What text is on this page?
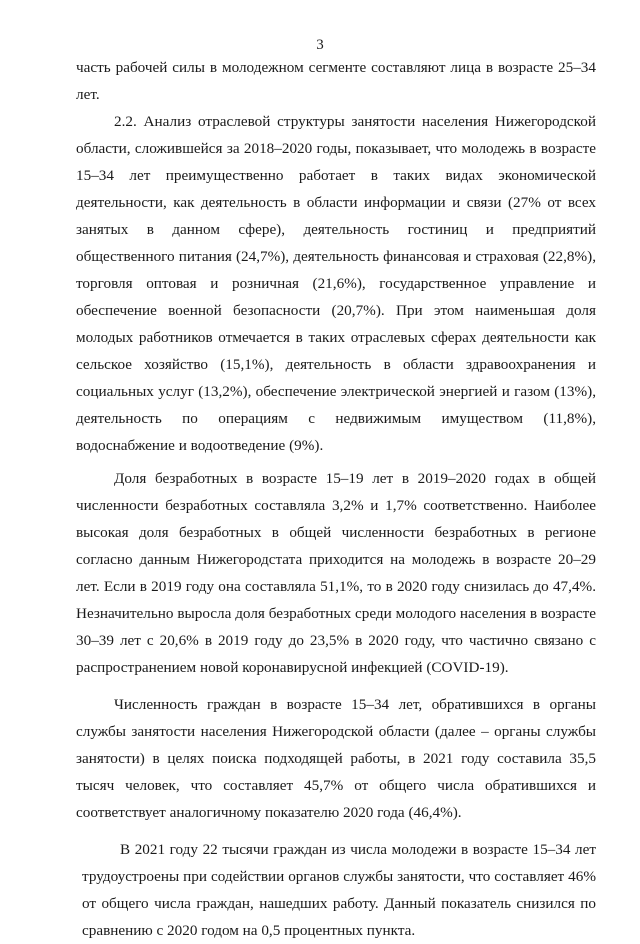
3

часть рабочей силы в молодежном сегменте составляют лица в возрасте 25–34 лет.

2.2. Анализ отраслевой структуры занятости населения Нижегородской области, сложившейся за 2018–2020 годы, показывает, что молодежь в возрасте 15–34 лет преимущественно работает в таких видах экономической деятельности, как деятельность в области информации и связи (27% от всех занятых в данном сфере), деятельность гостиниц и предприятий общественного питания (24,7%), деятельность финансовая и страховая (22,8%), торговля оптовая и розничная (21,6%), государственное управление и обеспечение военной безопасности (20,7%). При этом наименьшая доля молодых работников отмечается в таких отраслевых сферах деятельности как сельское хозяйство (15,1%), деятельность в области здравоохранения и социальных услуг (13,2%), обеспечение электрической энергией и газом (13%), деятельность по операциям с недвижимым имуществом (11,8%), водоснабжение и водоотведение (9%).

Доля безработных в возрасте 15–19 лет в 2019–2020 годах в общей численности безработных составляла 3,2% и 1,7% соответственно. Наиболее высокая доля безработных в общей численности безработных в регионе согласно данным Нижегородстата приходится на молодежь в возрасте 20–29 лет. Если в 2019 году она составляла 51,1%, то в 2020 году снизилась до 47,4%. Незначительно выросла доля безработных среди молодого населения в возрасте 30–39 лет с 20,6% в 2019 году до 23,5% в 2020 году, что частично связано с распространением новой коронавирусной инфекцией (COVID-19).

Численность граждан в возрасте 15–34 лет, обратившихся в органы службы занятости населения Нижегородской области (далее – органы службы занятости) в целях поиска подходящей работы, в 2021 году составила 35,5 тысяч человек, что составляет 45,7% от общего числа обратившихся и соответствует аналогичному показателю 2020 года (46,4%).

В 2021 году 22 тысячи граждан из числа молодежи в возрасте 15–34 лет трудоустроены при содействии органов службы занятости, что составляет 46% от общего числа граждан, нашедших работу. Данный показатель снизился по сравнению с 2020 годом на 0,5 процентных пункта.
